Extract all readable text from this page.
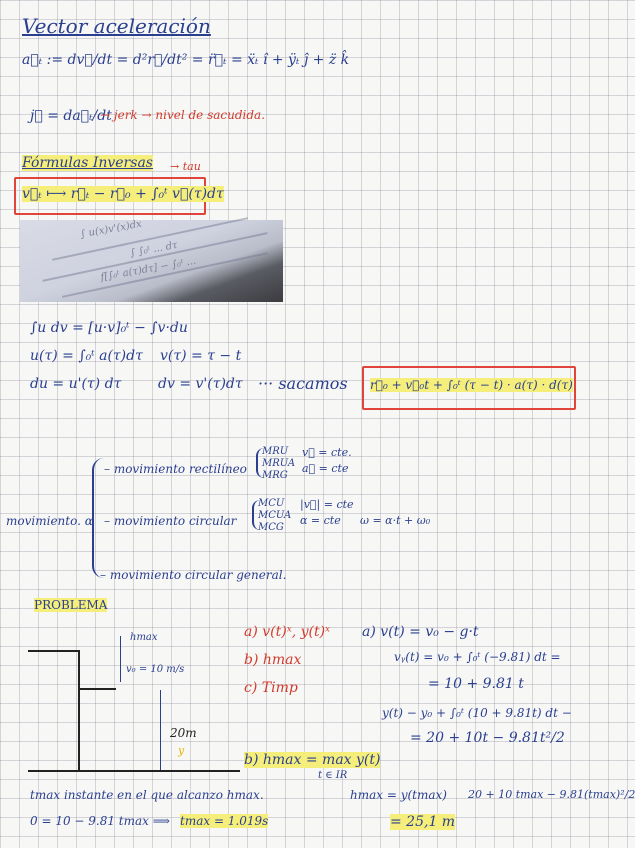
Vector aceleración
a⃗ₜ := dv⃗/dt = d²r⃗/dt² = r̈⃗ₜ = ẍₜ î + ÿₜ ĵ + z̈ k̂
j⃗ = da⃗ₜ/dt
→ jerk → nivel de sacudida.
Fórmulas Inversas → tau
v⃗ₜ ⟼ r⃗ₜ − r⃗₀ + ∫₀ᵗ v⃗(τ)dτ
∫ u(x)v'(x)dx
∫ ∫₀ᵗ ... dτ
f[∫₀ᵗ a(τ)dτ] − ∫₀ᵗ ...
∫u dv = [u·v]₀ᵗ − ∫v·du
u(τ) = ∫₀ᵗ a(τ)dτ v(τ) = τ − t
du = u'(τ) dτ	dv = v'(τ)dτ ··· sacamos r⃗₀ + v⃗₀t + ∫₀ᵗ (τ − t) · a(τ) · d(τ)
movimiento. α
– movimiento rectilíneo
MRU
MRUA
MRG
v⃗ = cte.
a⃗ = cte
– movimiento circular
MCU
MCUA
MCG
|v⃗| = cte
α = cte ω = α·t + ω₀
– movimiento circular general.
PROBLEMA
hmax
v₀ = 10 m/s
20m
y
a) v(t)ˣ, y(t)ˣ
b) hmax
c) Timp
a) v(t) = v₀ − g·t
vᵧ(t) = v₀ + ∫₀ᵗ (−9.81) dt =
= 10 + 9.81 t
y(t) − y₀ + ∫₀ᵗ (10 + 9.81t) dt −
= 20 + 10t − 9.81t²/2
b) hmax = max y(t)
t ∈ IR
tmax instante en el que alcanzo hmax.
0 = 10 − 9.81 tmax ⟹ tmax = 1.019s
hmax = y(tmax) 20 + 10 tmax − 9.81(tmax)²/2
= 25,1 m
